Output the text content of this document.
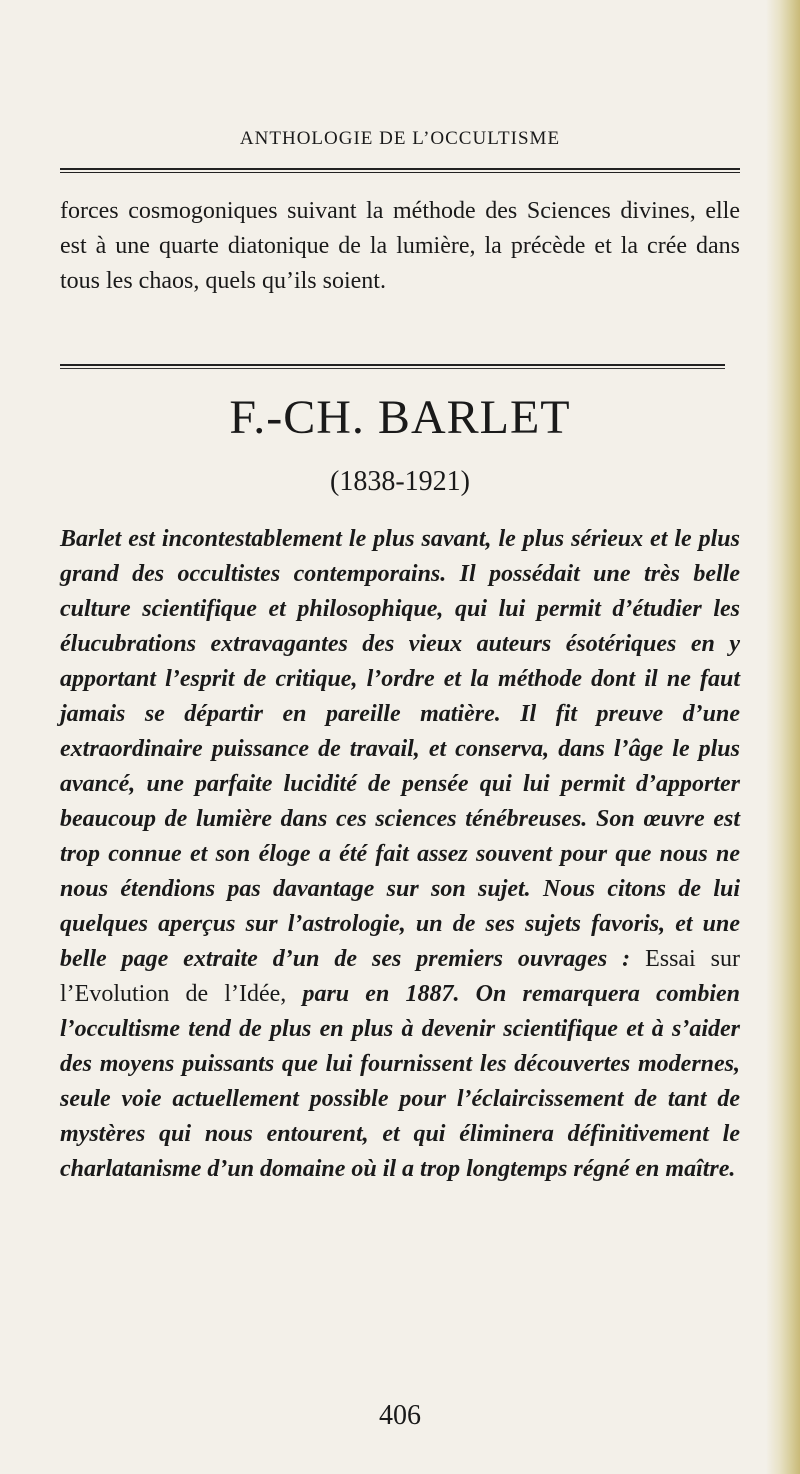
ANTHOLOGIE DE L’OCCULTISME

forces cosmogoniques suivant la méthode des Sciences divines, elle est à une quarte diatonique de la lumière, la précède et la crée dans tous les chaos, quels qu’ils soient.

F.-CH. BARLET
(1838-1921)

Barlet est incontestablement le plus savant, le plus sérieux et le plus grand des occultistes contemporains. Il possédait une très belle culture scientifique et philosophique, qui lui permit d’étudier les élucubrations extravagantes des vieux auteurs ésotériques en y apportant l’esprit de critique, l’ordre et la méthode dont il ne faut jamais se départir en pareille matière. Il fit preuve d’une extraordinaire puissance de travail, et conserva, dans l’âge le plus avancé, une parfaite lucidité de pensée qui lui permit d’apporter beaucoup de lumière dans ces sciences ténébreuses. Son œuvre est trop connue et son éloge a été fait assez souvent pour que nous ne nous étendions pas davantage sur son sujet. Nous citons de lui quelques aperçus sur l’astrologie, un de ses sujets favoris, et une belle page extraite d’un de ses premiers ouvrages : Essai sur l’Evolution de l’Idée, paru en 1887. On remarquera combien l’occultisme tend de plus en plus à devenir scientifique et à s’aider des moyens puissants que lui fournissent les découvertes modernes, seule voie actuellement possible pour l’éclaircissement de tant de mystères qui nous entourent, et qui éliminera définitivement le charlatanisme d’un domaine où il a trop longtemps régné en maître.

406
